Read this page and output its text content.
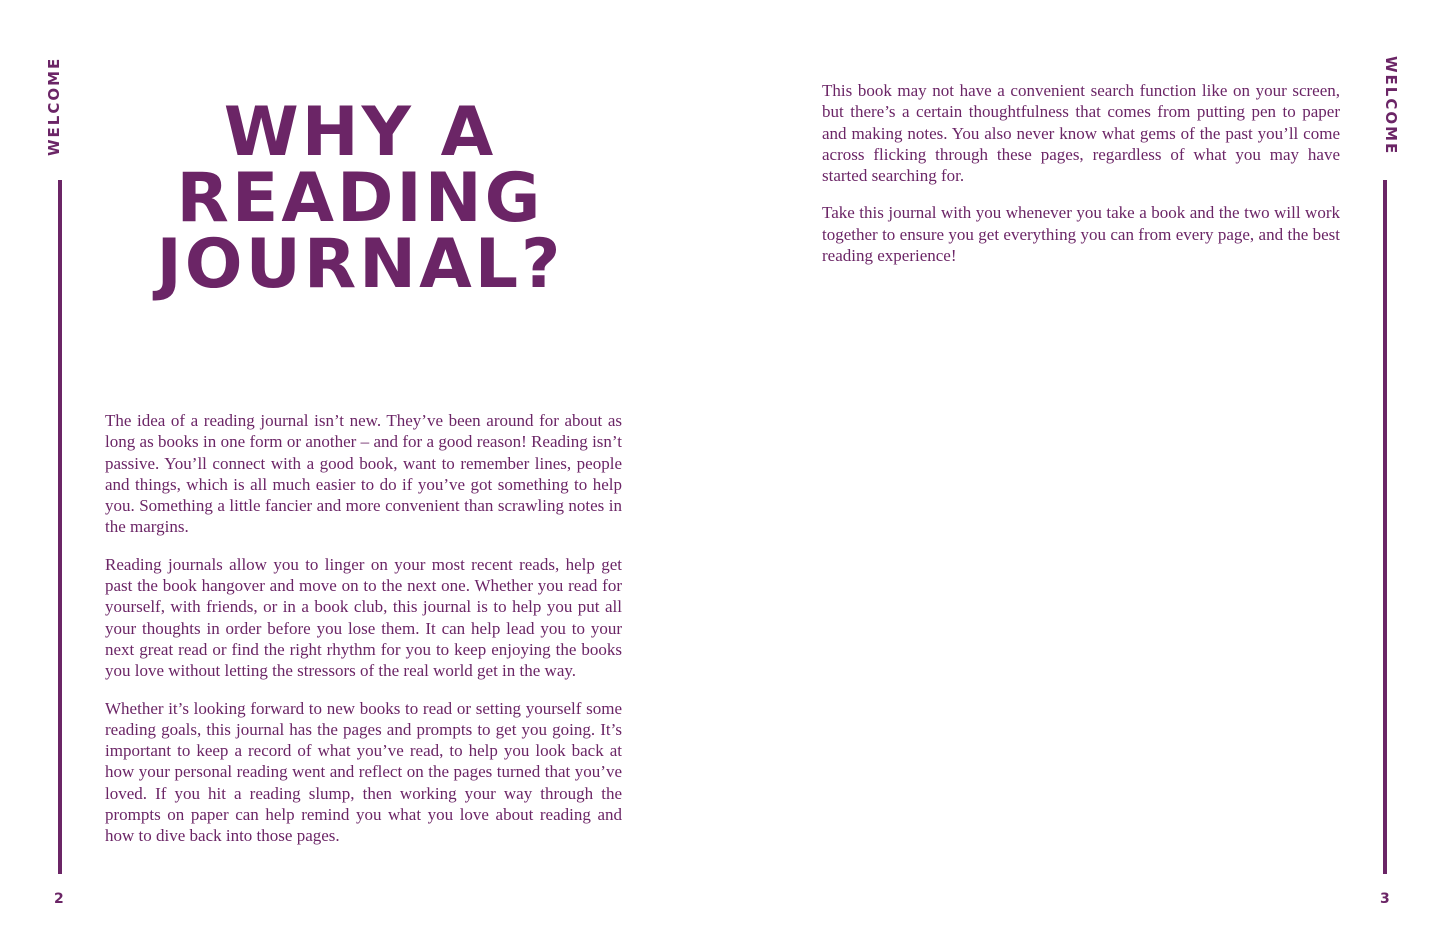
WELCOME
2
WHY A
READING
JOURNAL?

The idea of a reading journal isn’t new. They’ve been around for about as long as books in one form or another – and for a good reason! Reading isn’t passive. You’ll connect with a good book, want to remember lines, people and things, which is all much easier to do if you’ve got something to help you. Something a little fancier and more convenient than scrawling notes in the margins.

Reading journals allow you to linger on your most recent reads, help get past the book hangover and move on to the next one. Whether you read for yourself, with friends, or in a book club, this journal is to help you put all your thoughts in order before you lose them. It can help lead you to your next great read or find the right rhythm for you to keep enjoying the books you love without letting the stressors of the real world get in the way.

Whether it’s looking forward to new books to read or setting yourself some reading goals, this journal has the pages and prompts to get you going. It’s important to keep a record of what you’ve read, to help you look back at how your personal reading went and reflect on the pages turned that you’ve loved. If you hit a reading slump, then working your way through the prompts on paper can help remind you what you love about reading and how to dive back into those pages.

This book may not have a convenient search function like on your screen, but there’s a certain thoughtfulness that comes from putting pen to paper and making notes. You also never know what gems of the past you’ll come across flicking through these pages, regardless of what you may have started searching for.

Take this journal with you whenever you take a book and the two will work together to ensure you get everything you can from every page, and the best reading experience!

WELCOME
3
